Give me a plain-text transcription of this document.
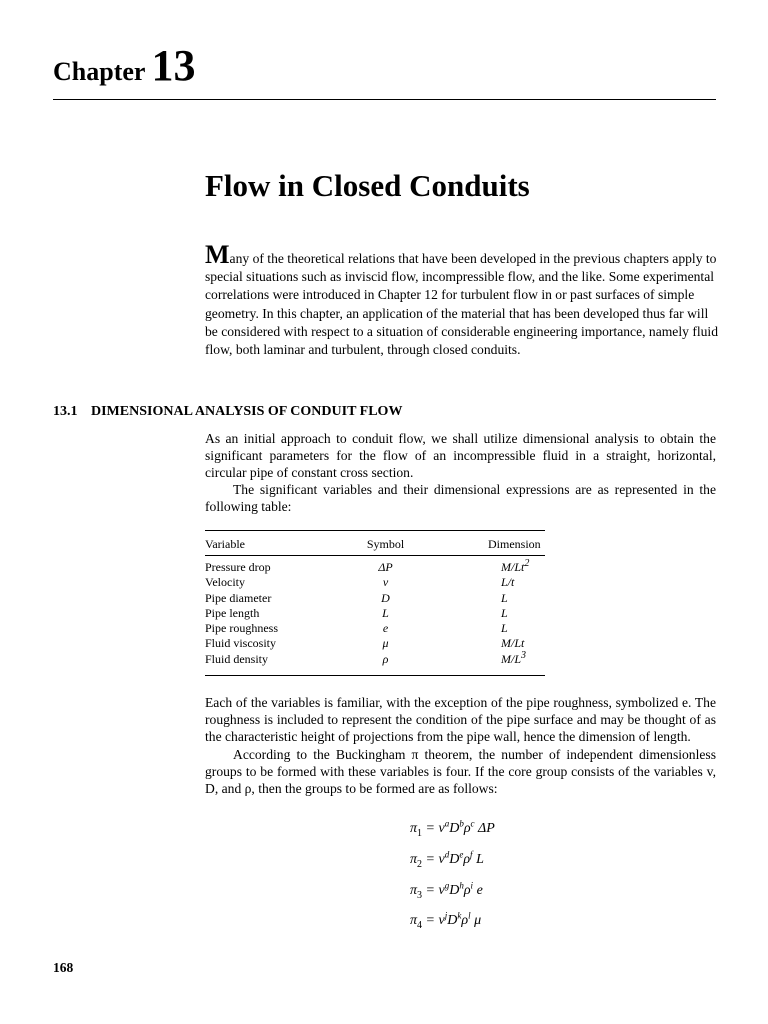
Chapter 13
Flow in Closed Conduits

Many of the theoretical relations that have been developed in the previous chapters apply to special situations such as inviscid flow, incompressible flow, and the like. Some experimental correlations were introduced in Chapter 12 for turbulent flow in or past surfaces of simple geometry. In this chapter, an application of the material that has been developed thus far will be considered with respect to a situation of considerable engineering importance, namely fluid flow, both laminar and turbulent, through closed conduits.

13.1 DIMENSIONAL ANALYSIS OF CONDUIT FLOW

As an initial approach to conduit flow, we shall utilize dimensional analysis to obtain the significant parameters for the flow of an incompressible fluid in a straight, horizontal, circular pipe of constant cross section.

The significant variables and their dimensional expressions are as represented in the following table:

Variable	Symbol	Dimension
Pressure drop	ΔP	M/Lt$^2$
Velocity	v	L/t
Pipe diameter	D	L
Pipe length	L	L
Pipe roughness	e	L
Fluid viscosity	μ	M/Lt
Fluid density	ρ	$M/L^3$

Each of the variables is familiar, with the exception of the pipe roughness, symbolized e. The roughness is included to represent the condition of the pipe surface and may be thought of as the characteristic height of projections from the pipe wall, hence the dimension of length.

According to the Buckingham π theorem, the number of independent dimensionless groups to be formed with these variables is four. If the core group consists of the variables v, D, and ρ, then the groups to be formed are as follows:

$\pi_1 = v^aD^b\rho^c$ ΔP
$\pi_2 = v^dD^e\rho^f$ L
$\pi_3 = v^gD^h\rho^i$ e
$\pi_4 = v^jD^k\rho^l$ μ
168
